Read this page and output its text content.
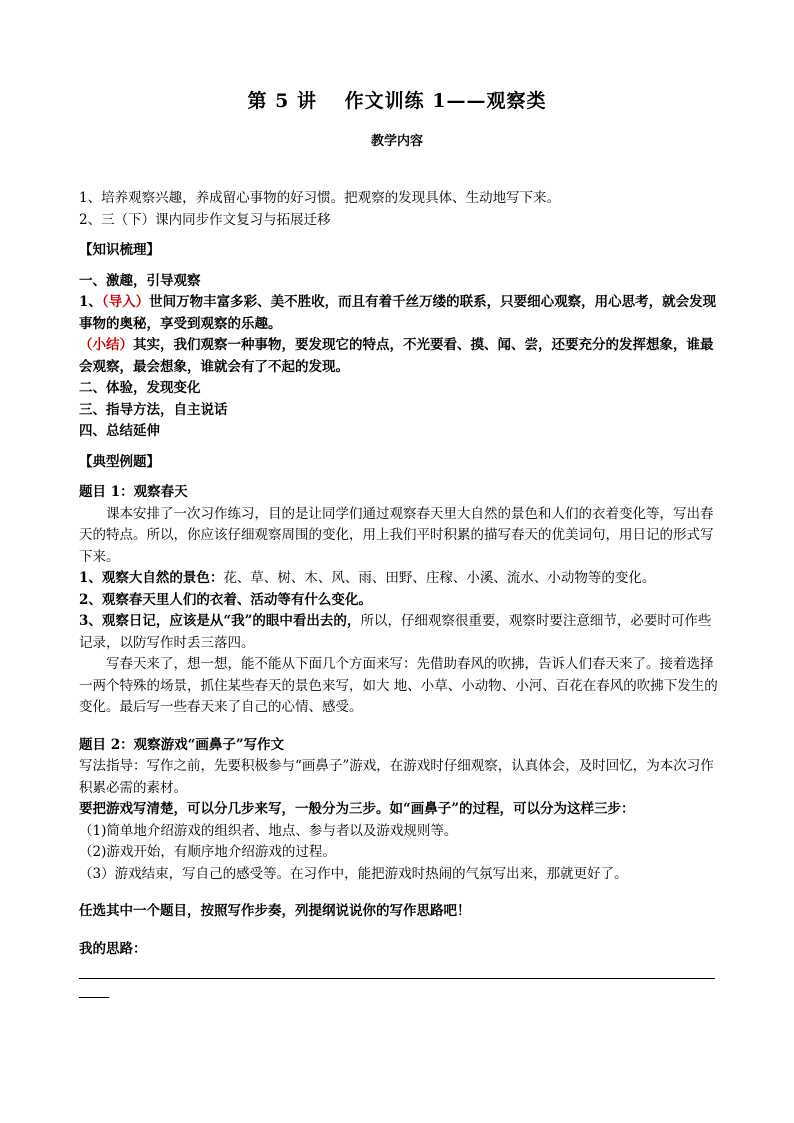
第 5 讲　 作文训练 1——观察类
教学内容

1、培养观察兴趣，养成留心事物的好习惯。把观察的发现具体、生动地写下来。

2、三（下）课内同步作文复习与拓展迁移

【知识梳理】

一、激趣，引导观察

1、（导入）世间万物丰富多彩、美不胜收，而且有着千丝万缕的联系，只要细心观察，用心思考，就会发现事物的奥秘，享受到观察的乐趣。

（小结）其实，我们观察一种事物，要发现它的特点，不光要看、摸、闻、尝，还要充分的发挥想象，谁最会观察，最会想象，谁就会有了不起的发现。

二、体验，发现变化

三、指导方法，自主说话

四、总结延伸

【典型例题】

题目 1：观察春天

课本安排了一次习作练习，目的是让同学们通过观察春天里大自然的景色和人们的衣着变化等，写出春天的特点。所以，你应该仔细观察周围的变化，用上我们平时积累的描写春天的优美词句，用日记的形式写下来。

1、观察大自然的景色：花、草、树、木、风、雨、田野、庄稼、小溪、流水、小动物等的变化。

2、观察春天里人们的衣着、活动等有什么变化。

3、观察日记，应该是从“我”的眼中看出去的，所以，仔细观察很重要，观察时要注意细节，必要时可作些记录，以防写作时丢三落四。

写春天来了，想一想，能不能从下面几个方面来写：先借助春风的吹拂，告诉人们春天来了。接着选择一两个特殊的场景，抓住某些春天的景色来写，如大 地、小草、小动物、小河、百花在春风的吹拂下发生的变化。最后写一些春天来了自己的心情、感受。

题目 2：观察游戏“画鼻子”写作文

写法指导：写作之前，先要积极参与“画鼻子”游戏，在游戏时仔细观察，认真体会，及时回忆，为本次习作积累必需的素材。

要把游戏写清楚，可以分几步来写，一般分为三步。如“画鼻子”的过程，可以分为这样三步：

（1)简单地介绍游戏的组织者、地点、参与者以及游戏规则等。

（2)游戏开始，有顺序地介绍游戏的过程。

（3）游戏结束，写自己的感受等。在习作中，能把游戏时热闹的气氛写出来，那就更好了。

任选其中一个题目，按照写作步奏，列提纲说说你的写作思路吧！

我的思路：
